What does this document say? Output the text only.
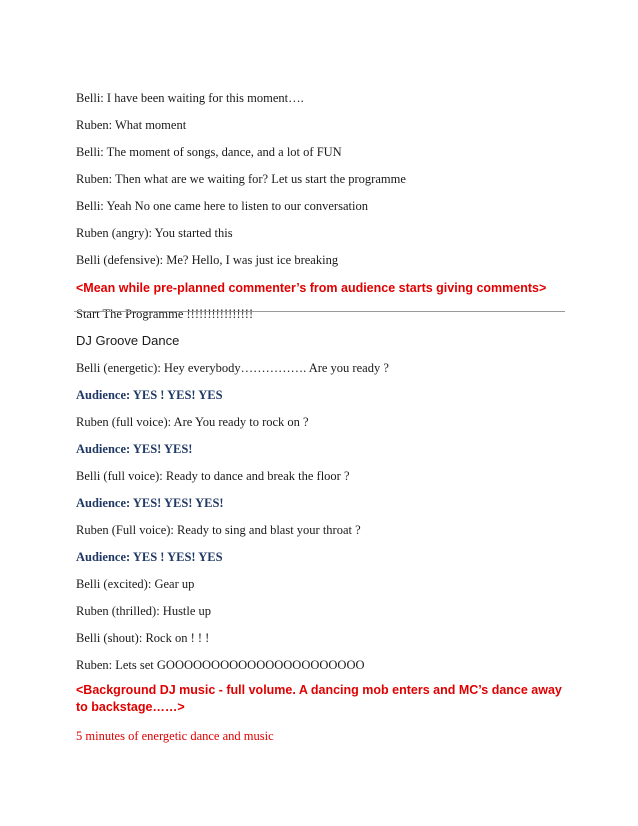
Belli: I have been waiting for this moment….

Ruben: What moment

Belli: The moment of songs, dance, and a lot of FUN

Ruben: Then what are we waiting for? Let us start the programme

Belli: Yeah No one came here to listen to our conversation

Ruben (angry): You started this

Belli (defensive): Me? Hello, I was just ice breaking

<Mean while pre-planned commenter’s from audience starts giving comments>

Start The Programme !!!!!!!!!!!!!!!!

DJ Groove Dance

Belli (energetic): Hey everybody……………. Are you ready ?

Audience: YES ! YES! YES

Ruben (full voice): Are You ready to rock on ?

Audience: YES! YES!

Belli (full voice): Ready to dance and break the floor ?

Audience: YES! YES! YES!

Ruben (Full voice): Ready to sing and blast your throat ?

Audience: YES ! YES! YES

Belli (excited): Gear up

Ruben (thrilled): Hustle up

Belli (shout): Rock on ! ! !

Ruben: Lets set GOOOOOOOOOOOOOOOOOOOOOO

<Background DJ music - full volume. A dancing mob enters and MC’s dance away to backstage……>

5 minutes of energetic dance and music
